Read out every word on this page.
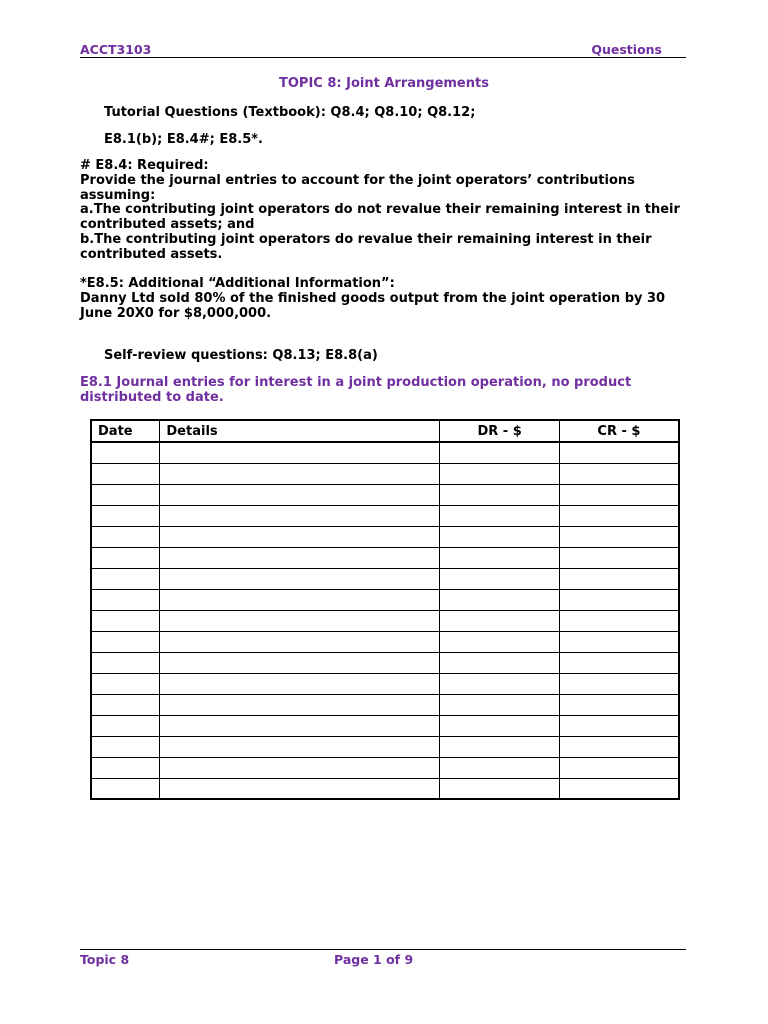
ACCT3103	Questions
TOPIC 8: Joint Arrangements
Tutorial Questions (Textbook): Q8.4; Q8.10; Q8.12;
E8.1(b); E8.4#; E8.5*.
# E8.4: Required:
Provide the journal entries to account for the joint operators’ contributions
assuming:
a.The contributing joint operators do not revalue their remaining interest in their
contributed assets; and
b.The contributing joint operators do revalue their remaining interest in their
contributed assets.
*E8.5: Additional “Additional Information”:
Danny Ltd sold 80% of the finished goods output from the joint operation by 30
June 20X0 for $8,000,000.
Self-review questions: Q8.13; E8.8(a)
E8.1 Journal entries for interest in a joint production operation, no product
distributed to date.
Date	Details	DR - $	CR - $

Topic 8	Page 1 of 9
